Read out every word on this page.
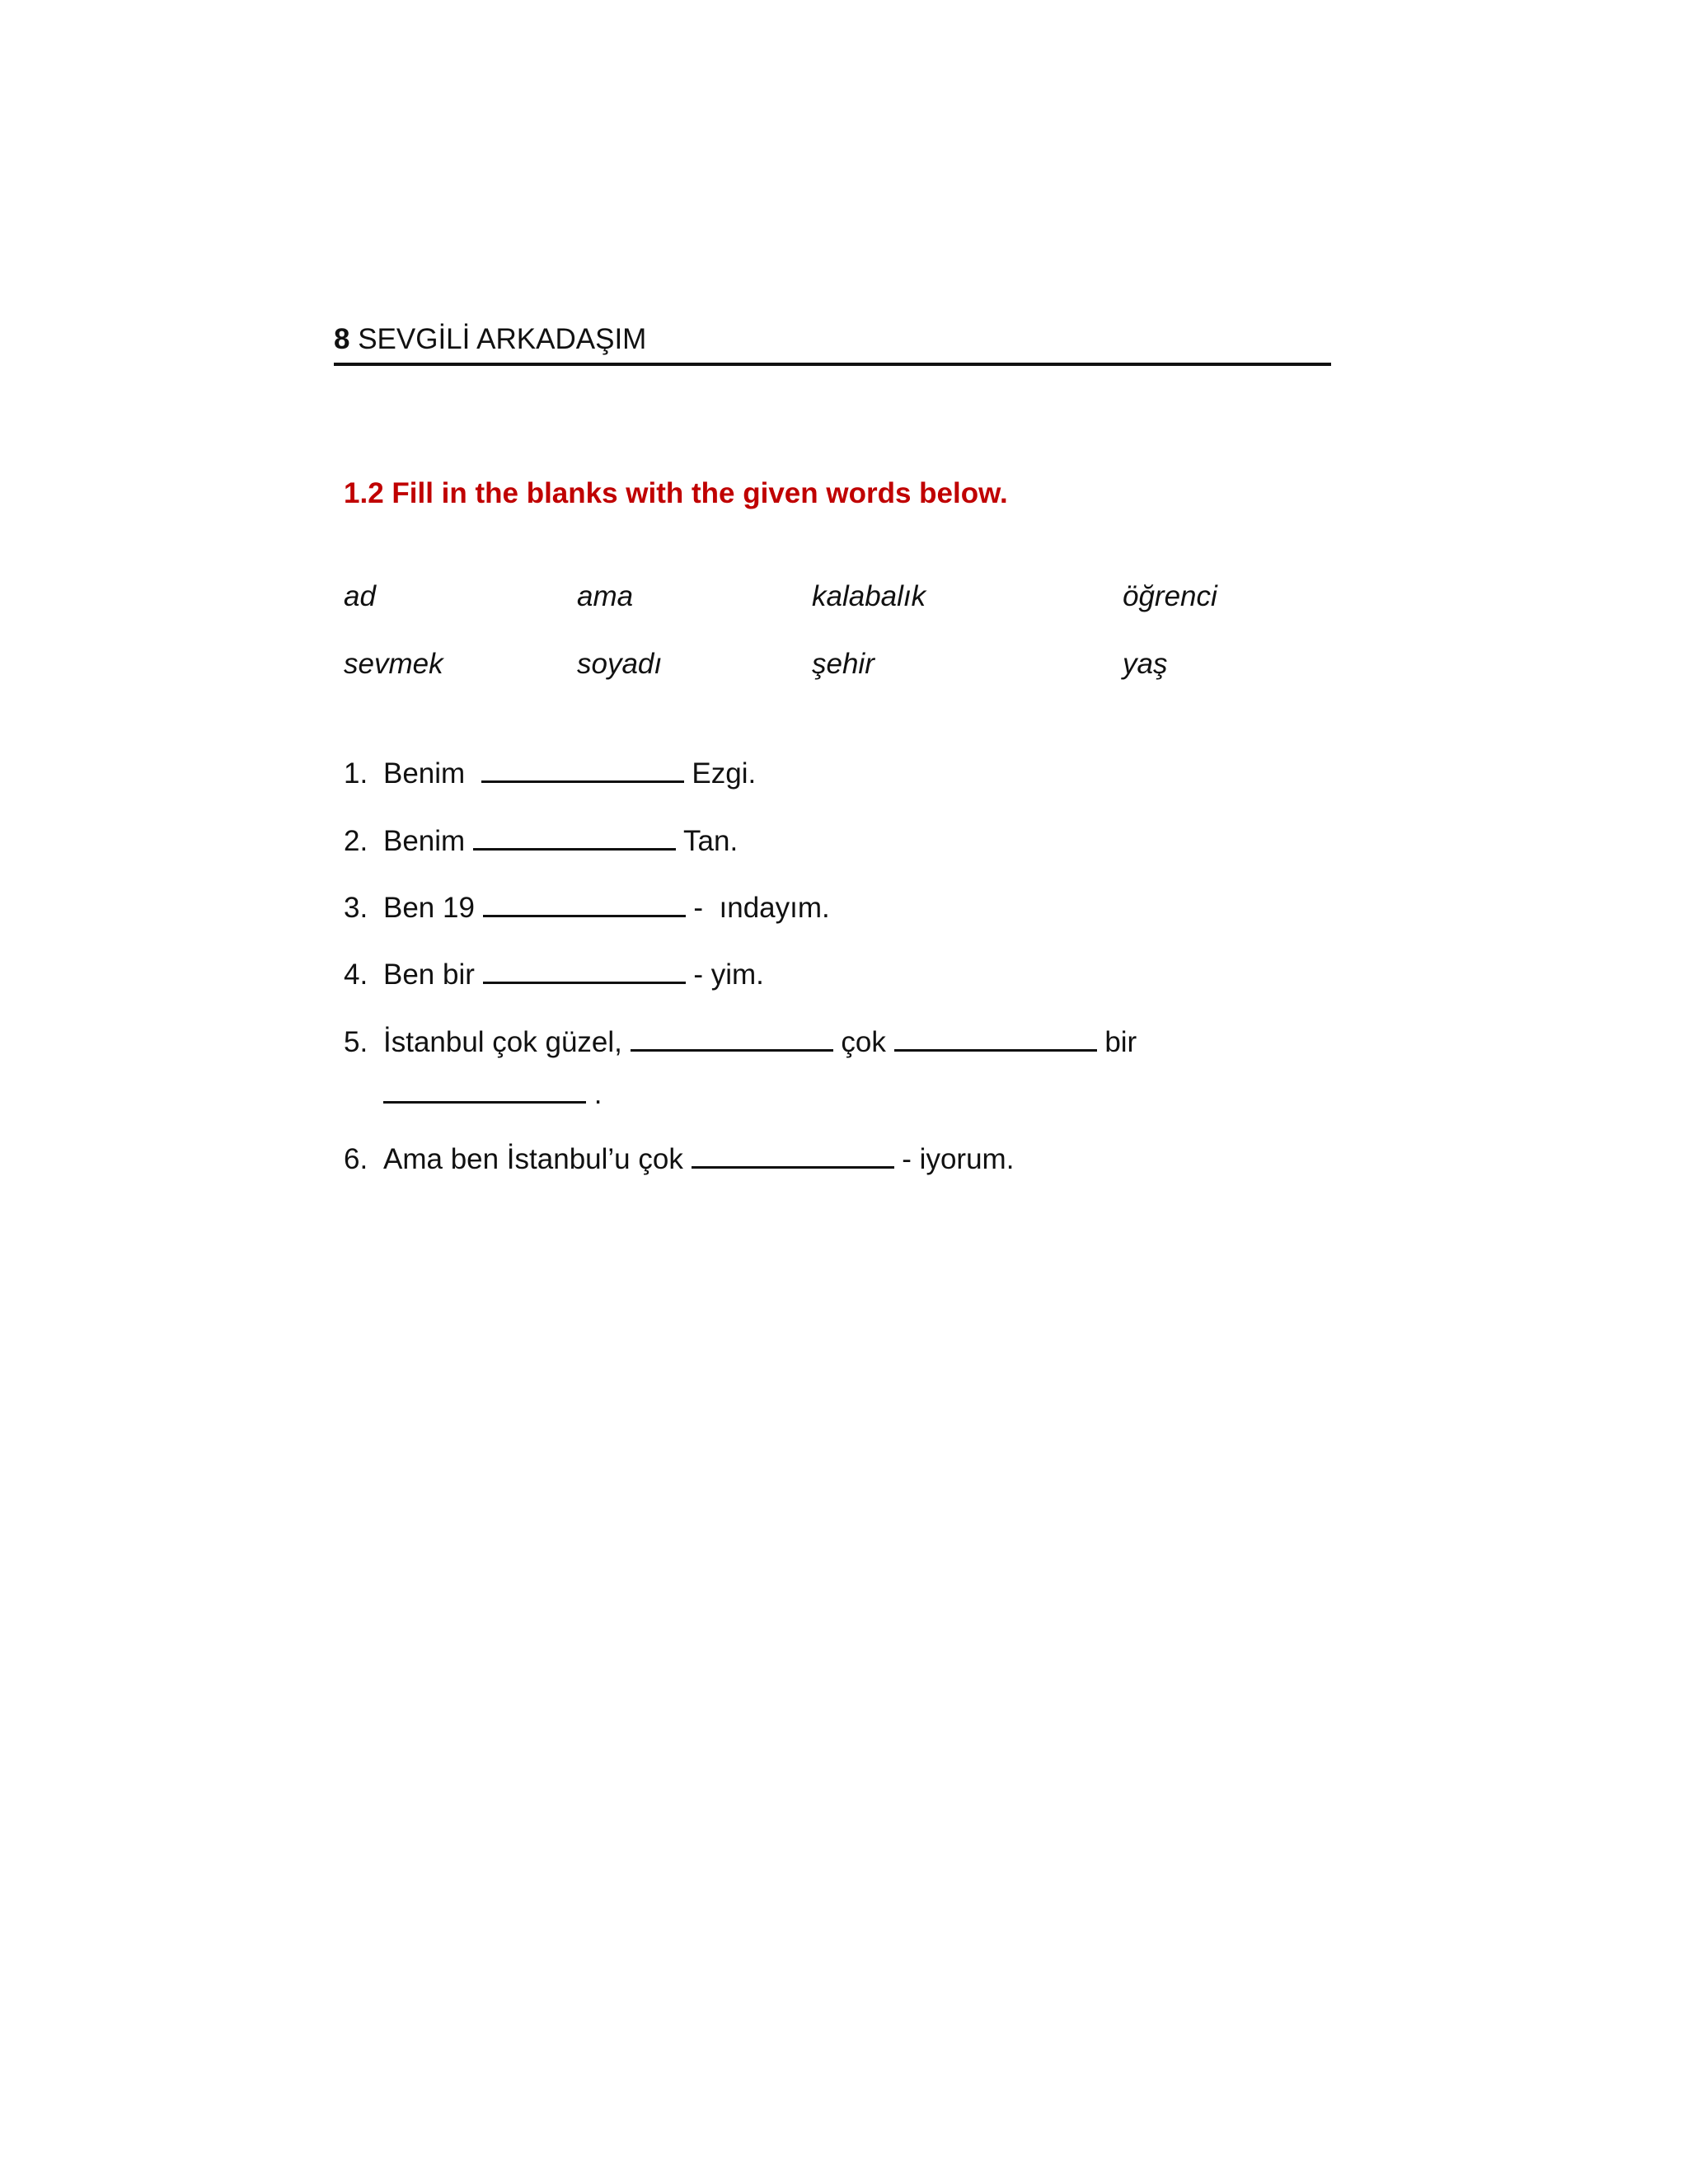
8 SEVGİLİ ARKADAŞIM
1.2 Fill in the blanks with the given words below.
ad	ama	kalabalık	öğrenci
sevmek	soyadı	şehir	yaş
1. Benim	Ezgi.
2. Benim	Tan.
3. Ben 19	-  ındayım.
4. Ben bir	- yim.
5. İstanbul çok güzel,	çok	bir
.
6. Ama ben İstanbul’u çok	- iyorum.
